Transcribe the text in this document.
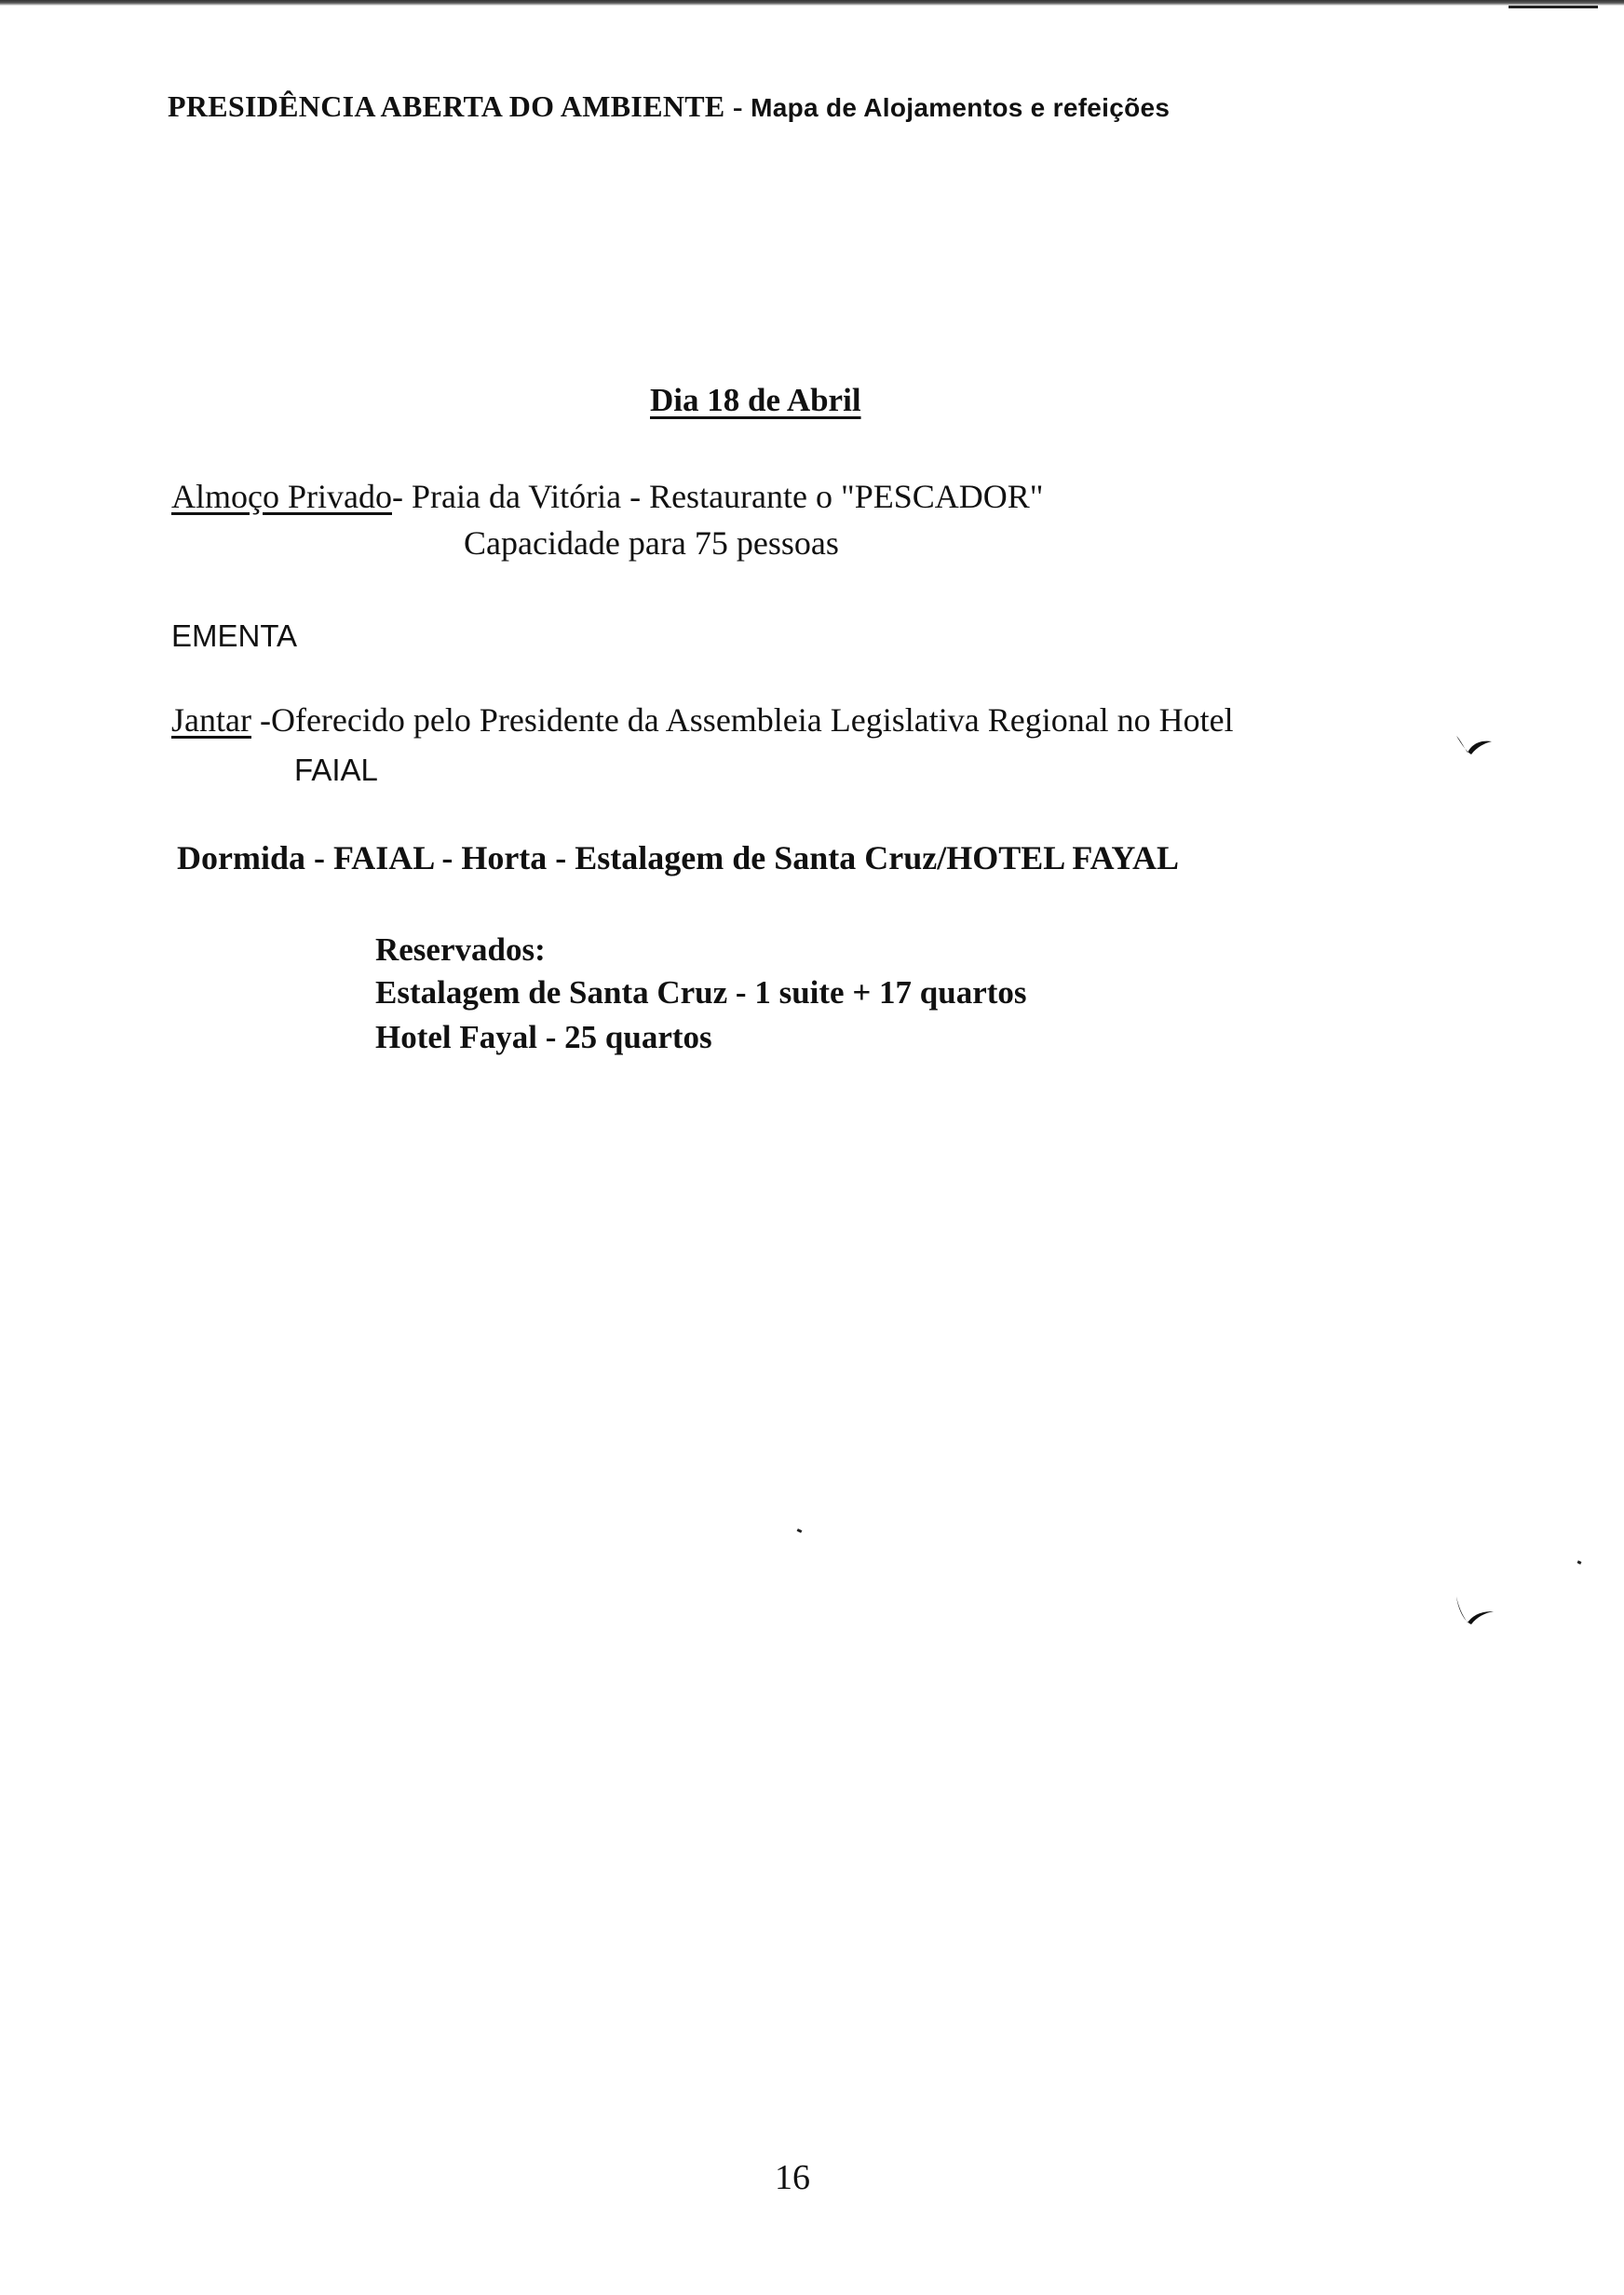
PRESIDÊNCIA ABERTA DO AMBIENTE - Mapa de Alojamentos e refeições
Dia 18 de Abril
Almoço Privado- Praia da Vitória - Restaurante o "PESCADOR"
Capacidade para 75 pessoas
EMENTA
Jantar -Oferecido pelo Presidente da Assembleia Legislativa Regional no Hotel
FAIAL
Dormida - FAIAL - Horta - Estalagem de Santa Cruz/HOTEL FAYAL
Reservados:
Estalagem de Santa Cruz - 1 suite + 17 quartos
Hotel Fayal - 25 quartos
16
